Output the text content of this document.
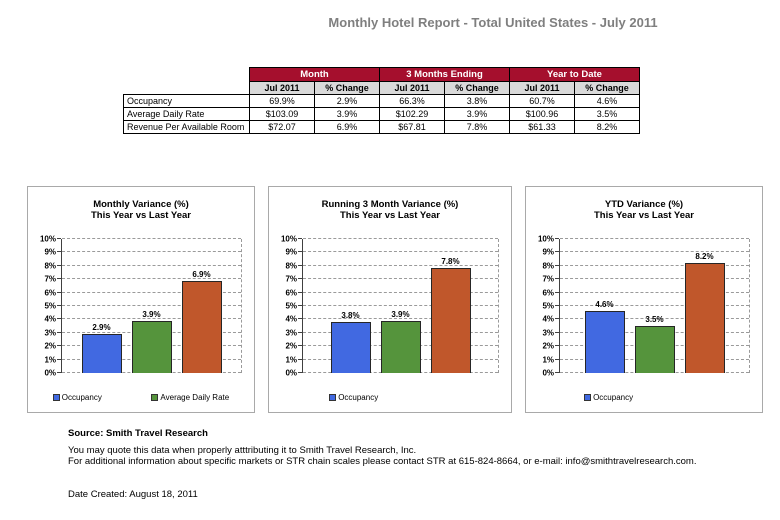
Monthly Hotel Report - Total United States - July 2011
	Month		3 Months Ending		Year to Date	
	Jul 2011	% Change	Jul 2011	% Change	Jul 2011	% Change
Occupancy	69.9%	2.9%	66.3%	3.8%	60.7%	4.6%
Average Daily Rate	$103.09	3.9%	$102.29	3.9%	$100.96	3.5%
Revenue Per Available Room	$72.07	6.9%	$67.81	7.8%	$61.33	8.2%
Monthly Variance (%)
This Year vs Last Year
0%
1%
2%
3%
4%
5%
6%
7%
8%
9%
10%
2.9%
3.9%
6.9%
Occupancy	Average Daily Rate
Running 3 Month Variance (%)
This Year vs Last Year
0%
1%
2%
3%
4%
5%
6%
7%
8%
9%
10%
3.8%	3.9%
7.8%
Occupancy
YTD Variance (%)
This Year vs Last Year
0%
1%
2%
3%
4%
5%
6%
7%
8%
9%
10%
4.6%
3.5%
8.2%
Occupancy
Source: Smith Travel Research
You may quote this data when properly atttributing it to Smith Travel Research, Inc.
For additional information about specific markets or STR chain scales please contact STR at 615-824-8664, or e-mail: info@smithtravelresearch.com.
Date Created: August 18, 2011
